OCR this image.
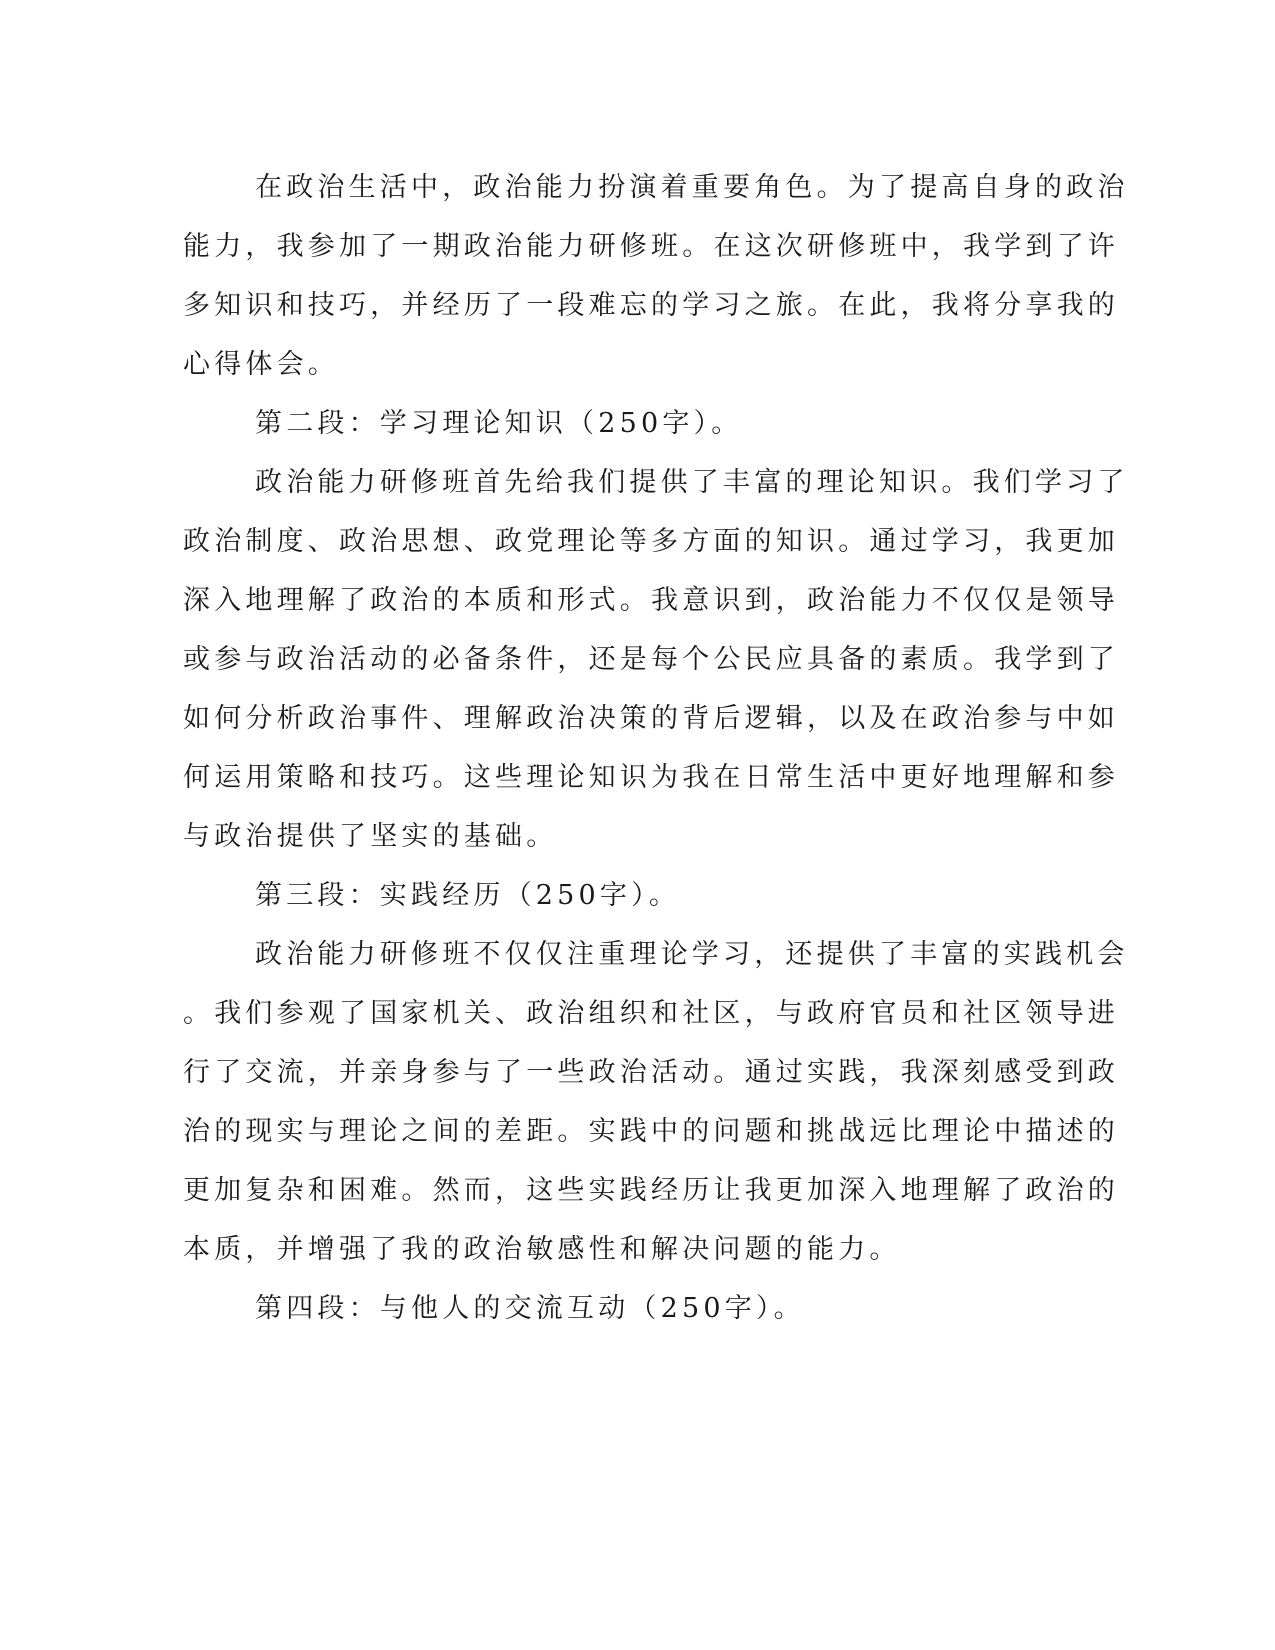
在政治生活中，政治能力扮演着重要角色。为了提高自身的政治
能力，我参加了一期政治能力研修班。在这次研修班中，我学到了许
多知识和技巧，并经历了一段难忘的学习之旅。在此，我将分享我的
心得体会。
第二段：学习理论知识（250字）。
政治能力研修班首先给我们提供了丰富的理论知识。我们学习了
政治制度、政治思想、政党理论等多方面的知识。通过学习，我更加
深入地理解了政治的本质和形式。我意识到，政治能力不仅仅是领导
或参与政治活动的必备条件，还是每个公民应具备的素质。我学到了
如何分析政治事件、理解政治决策的背后逻辑，以及在政治参与中如
何运用策略和技巧。这些理论知识为我在日常生活中更好地理解和参
与政治提供了坚实的基础。
第三段：实践经历（250字）。
政治能力研修班不仅仅注重理论学习，还提供了丰富的实践机会
。我们参观了国家机关、政治组织和社区，与政府官员和社区领导进
行了交流，并亲身参与了一些政治活动。通过实践，我深刻感受到政
治的现实与理论之间的差距。实践中的问题和挑战远比理论中描述的
更加复杂和困难。然而，这些实践经历让我更加深入地理解了政治的
本质，并增强了我的政治敏感性和解决问题的能力。
第四段：与他人的交流互动（250字）。
